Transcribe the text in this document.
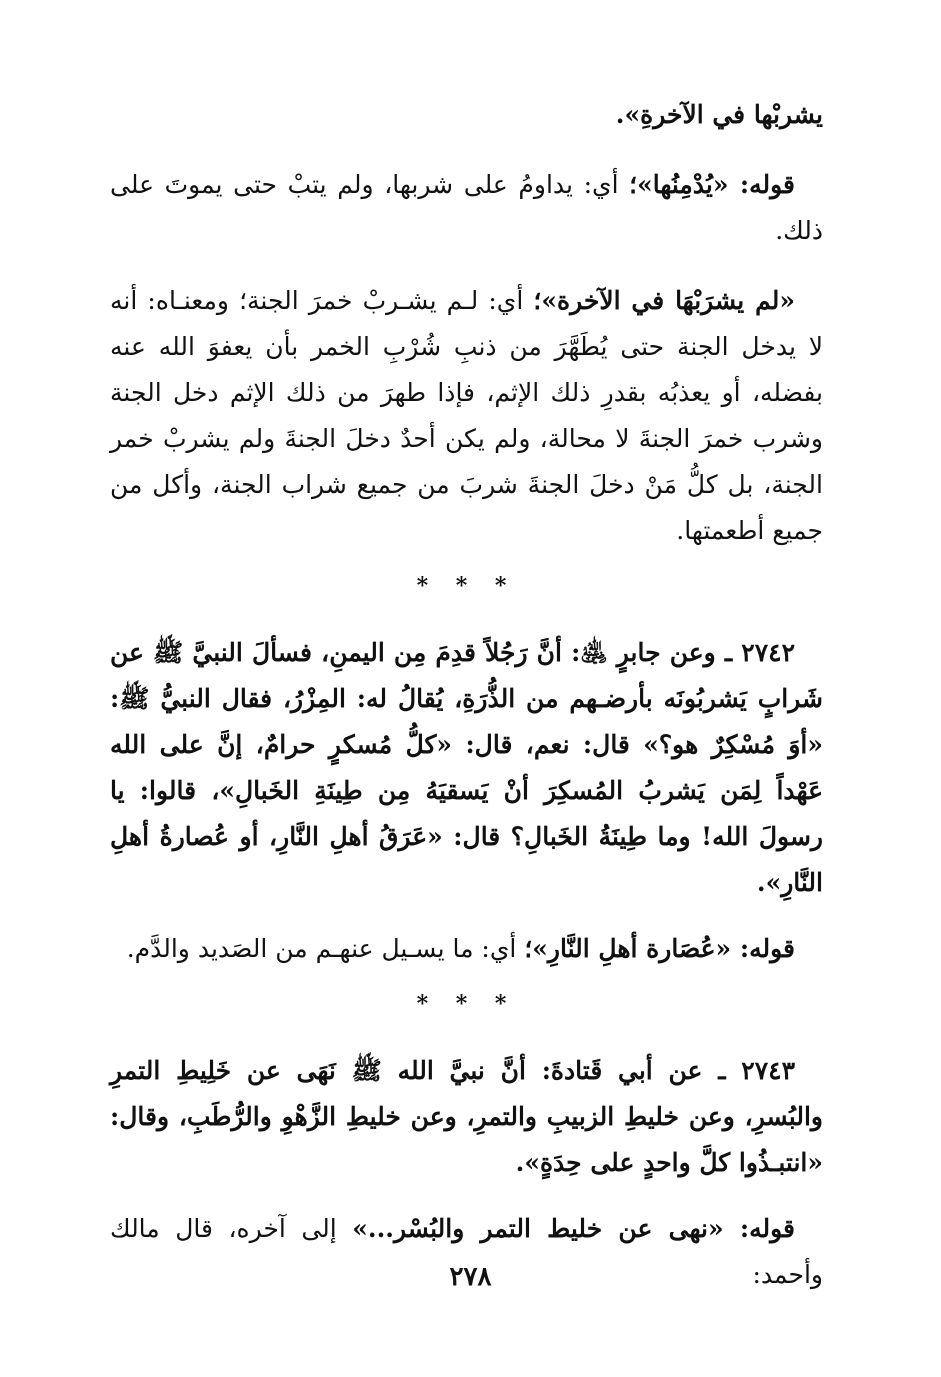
يشربْها في الآخرةِ».

قوله: «يُدْمِنُها»؛ أي: يداومُ على شربها، ولم يتبْ حتى يموتَ على ذلك.

«لم يشرَبْهَا في الآخرة»؛ أي: لـم يشـربْ خمرَ الجنة؛ ومعنـاه: أنه لا يدخل الجنة حتى يُطَهَّرَ من ذنبِ شُرْبِ الخمر بأن يعفوَ الله عنه بفضله، أو يعذبُه بقدرِ ذلك الإثم، فإذا طهرَ من ذلك الإثم دخل الجنة وشرب خمرَ الجنةَ لا محالة، ولم يكن أحدٌ دخلَ الجنةَ ولم يشربْ خمر الجنة، بل كلُّ مَنْ دخلَ الجنةَ شربَ من جميع شراب الجنة، وأكل من جميع أطعمتها.

* * *

٢٧٤٢ ـ وعن جابرٍ ﵁: أنَّ رَجُلاً قدِمَ مِن اليمنِ، فسألَ النبيَّ ﷺ عن شَرابٍ يَشربُونَه بأرضـهم من الذُّرَةِ، يُقالُ له: المِزْرُ، فقال النبيُّ ﷺ: «أوَ مُسْكِرٌ هو؟» قال: نعم، قال: «كلُّ مُسكرٍ حرامٌ، إنَّ على الله عَهْداً لِمَن يَشربُ المُسكِرَ أنْ يَسقيَهُ مِن طِينَةِ الخَبالِ»، قالوا: يا رسولَ الله! وما طِينَةُ الخَبالِ؟ قال: «عَرَقُ أهلِ النَّارِ، أو عُصارةُ أهلِ النَّارِ».

قوله: «عُصَارة أهلِ النَّارِ»؛ أي: ما يسـيل عنهـم من الصَديد والدَّم.

* * *

٢٧٤٣ ـ عن أبي قَتادةَ: أنَّ نبيَّ الله ﷺ نَهَى عن خَلِيطِ التمرِ والبُسرِ، وعن خليطِ الزبيبِ والتمرِ، وعن خليطِ الزَّهْوِ والرُّطَبِ، وقال: «انتبـذُوا كلَّ واحدٍ على حِدَةٍ».

قوله: «نهى عن خليط التمر والبُسْر...» إلى آخره، قال مالك وأحمد:

٢٧٨
